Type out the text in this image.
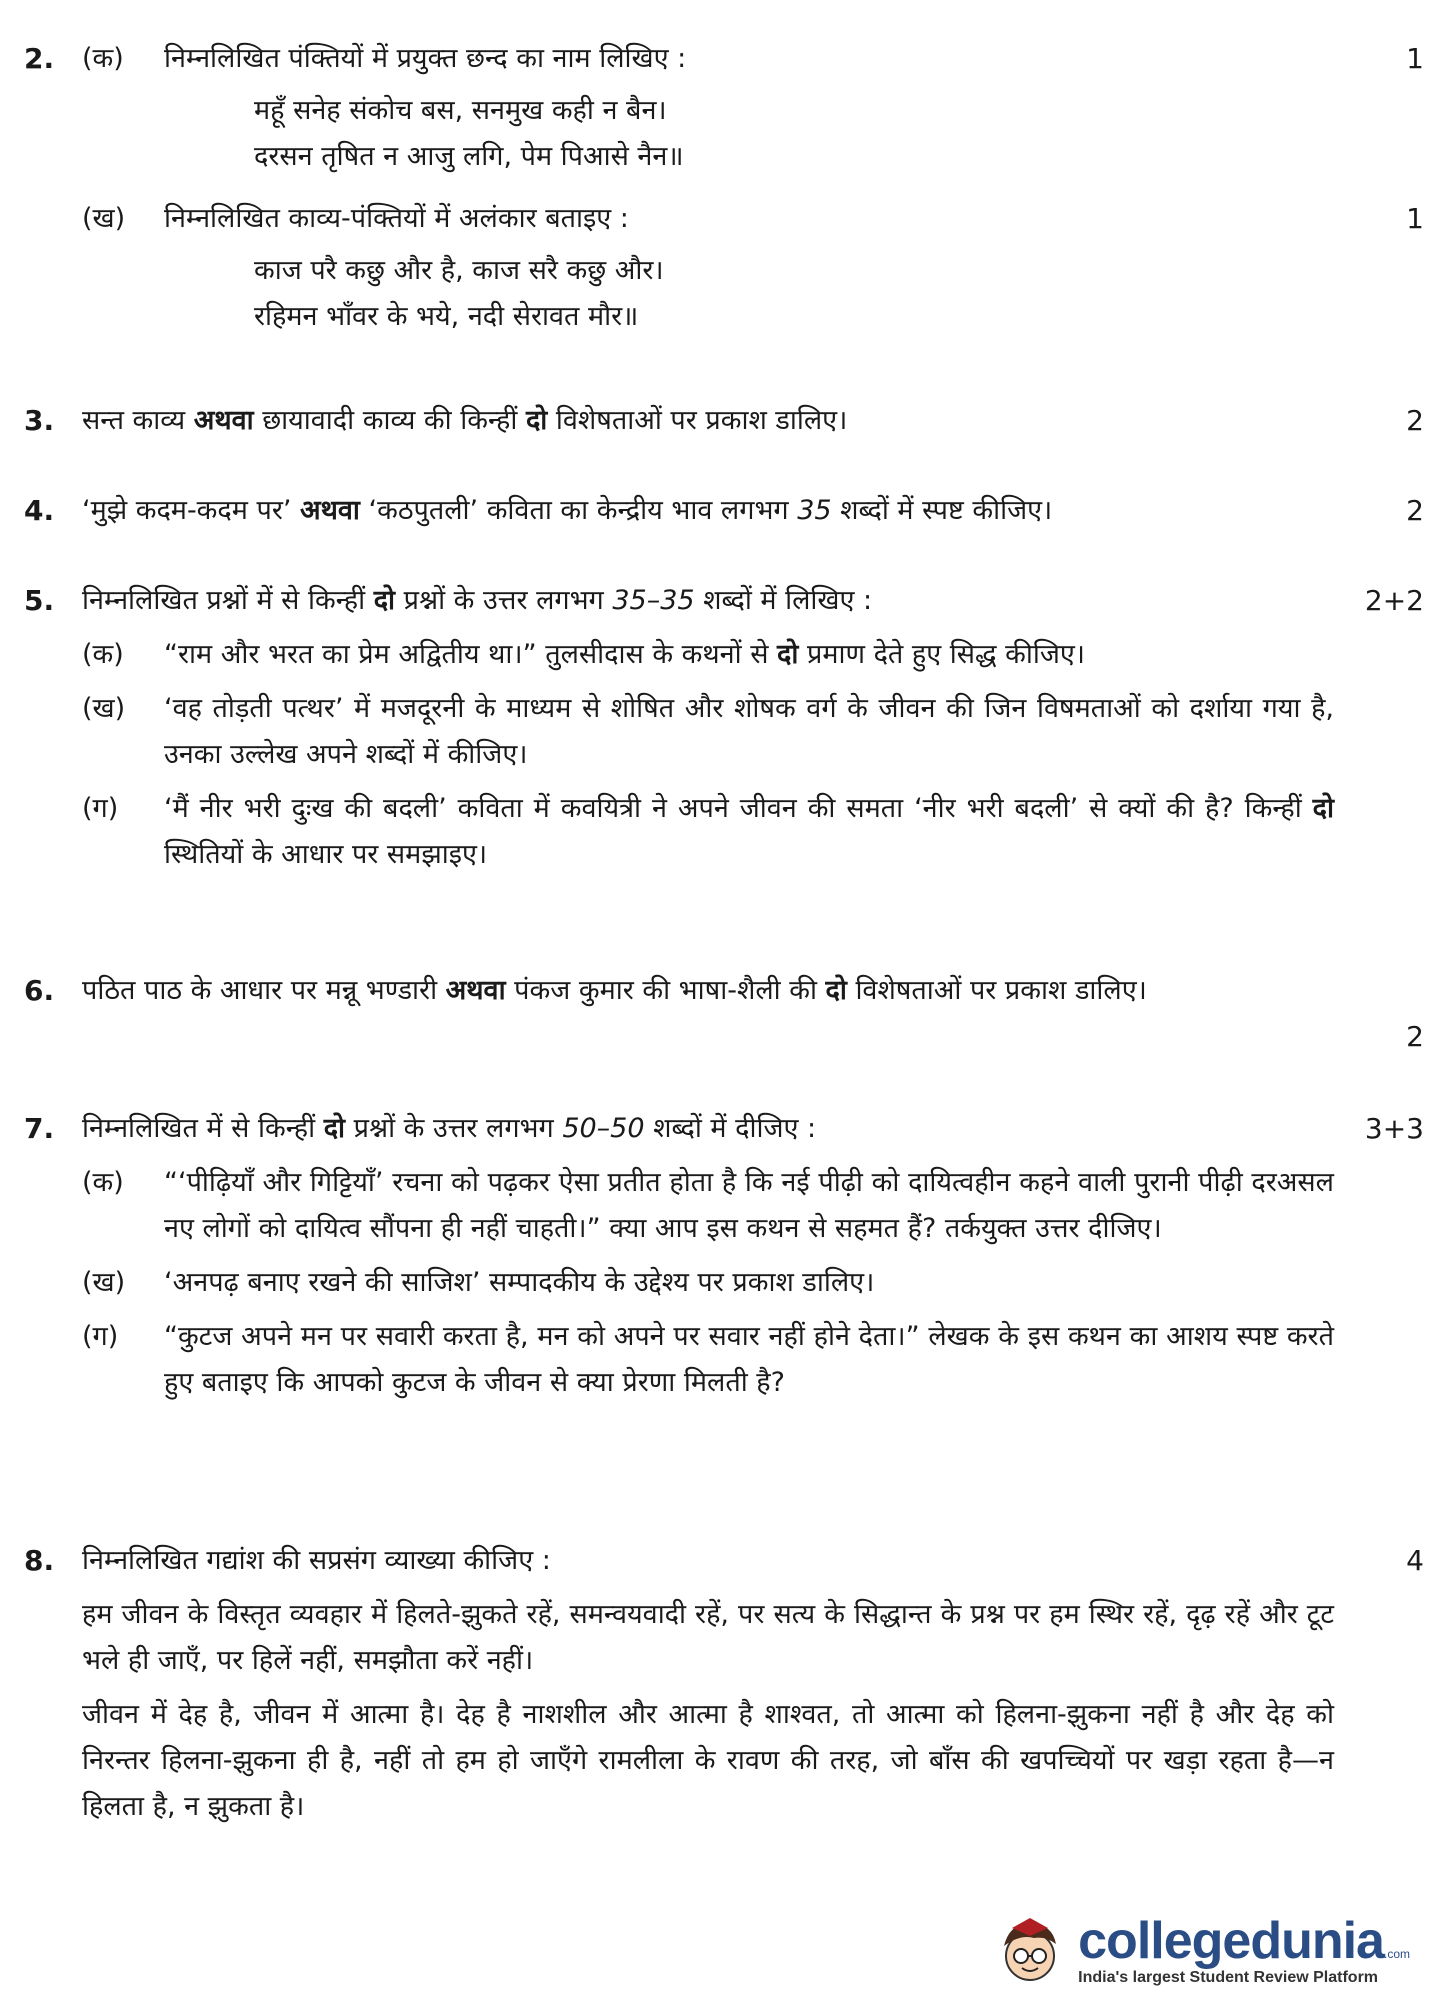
2.	(क)	निम्नलिखित पंक्तियों में प्रयुक्त छन्द का नाम लिखिए :	1
महूँ सनेह संकोच बस, सनमुख कही न बैन।
दरसन तृषित न आजु लगि, पेम पिआसे नैन॥
(ख)	निम्नलिखित काव्य-पंक्तियों में अलंकार बताइए :	1
काज परै कछु और है, काज सरै कछु और।
रहिमन भाँवर के भये, नदी सेरावत मौर॥
3.	सन्त काव्य अथवा छायावादी काव्य की किन्हीं दो विशेषताओं पर प्रकाश डालिए।	2
4.	‘मुझे कदम-कदम पर’ अथवा ‘कठपुतली’ कविता का केन्द्रीय भाव लगभग 35 शब्दों में स्पष्ट कीजिए।	2
5.	निम्नलिखित प्रश्नों में से किन्हीं दो प्रश्नों के उत्तर लगभग 35–35 शब्दों में लिखिए :	2+2
(क)	“राम और भरत का प्रेम अद्वितीय था।” तुलसीदास के कथनों से दो प्रमाण देते हुए सिद्ध कीजिए।
(ख)	‘वह तोड़ती पत्थर’ में मजदूरनी के माध्यम से शोषित और शोषक वर्ग के जीवन की जिन विषमताओं को दर्शाया गया है, उनका उल्लेख अपने शब्दों में कीजिए।
(ग)	‘मैं नीर भरी दुःख की बदली’ कविता में कवयित्री ने अपने जीवन की समता ‘नीर भरी बदली’ से क्यों की है? किन्हीं दो स्थितियों के आधार पर समझाइए।
6.	पठित पाठ के आधार पर मन्नू भण्डारी अथवा पंकज कुमार की भाषा-शैली की दो विशेषताओं पर प्रकाश डालिए।
2
7.	निम्नलिखित में से किन्हीं दो प्रश्नों के उत्तर लगभग 50–50 शब्दों में दीजिए :	3+3
(क)	“‘पीढ़ियाँ और गिट्टियाँ’ रचना को पढ़कर ऐसा प्रतीत होता है कि नई पीढ़ी को दायित्वहीन कहने वाली पुरानी पीढ़ी दरअसल नए लोगों को दायित्व सौंपना ही नहीं चाहती।” क्या आप इस कथन से सहमत हैं? तर्कयुक्त उत्तर दीजिए।
(ख)	‘अनपढ़ बनाए रखने की साजिश’ सम्पादकीय के उद्देश्य पर प्रकाश डालिए।
(ग)	“कुटज अपने मन पर सवारी करता है, मन को अपने पर सवार नहीं होने देता।” लेखक के इस कथन का आशय स्पष्ट करते हुए बताइए कि आपको कुटज के जीवन से क्या प्रेरणा मिलती है?
8.	निम्नलिखित गद्यांश की सप्रसंग व्याख्या कीजिए :	4
हम जीवन के विस्तृत व्यवहार में हिलते-झुकते रहें, समन्वयवादी रहें, पर सत्य के सिद्धान्त के प्रश्न पर हम स्थिर रहें, दृढ़ रहें और टूट भले ही जाएँ, पर हिलें नहीं, समझौता करें नहीं।
जीवन में देह है, जीवन में आत्मा है। देह है नाशशील और आत्मा है शाश्वत, तो आत्मा को हिलना-झुकना नहीं है और देह को निरन्तर हिलना-झुकना ही है, नहीं तो हम हो जाएँगे रामलीला के रावण की तरह, जो बाँस की खपच्चियों पर खड़ा रहता है—न हिलता है, न झुकता है।
collegedunia.com
India's largest Student Review Platform
